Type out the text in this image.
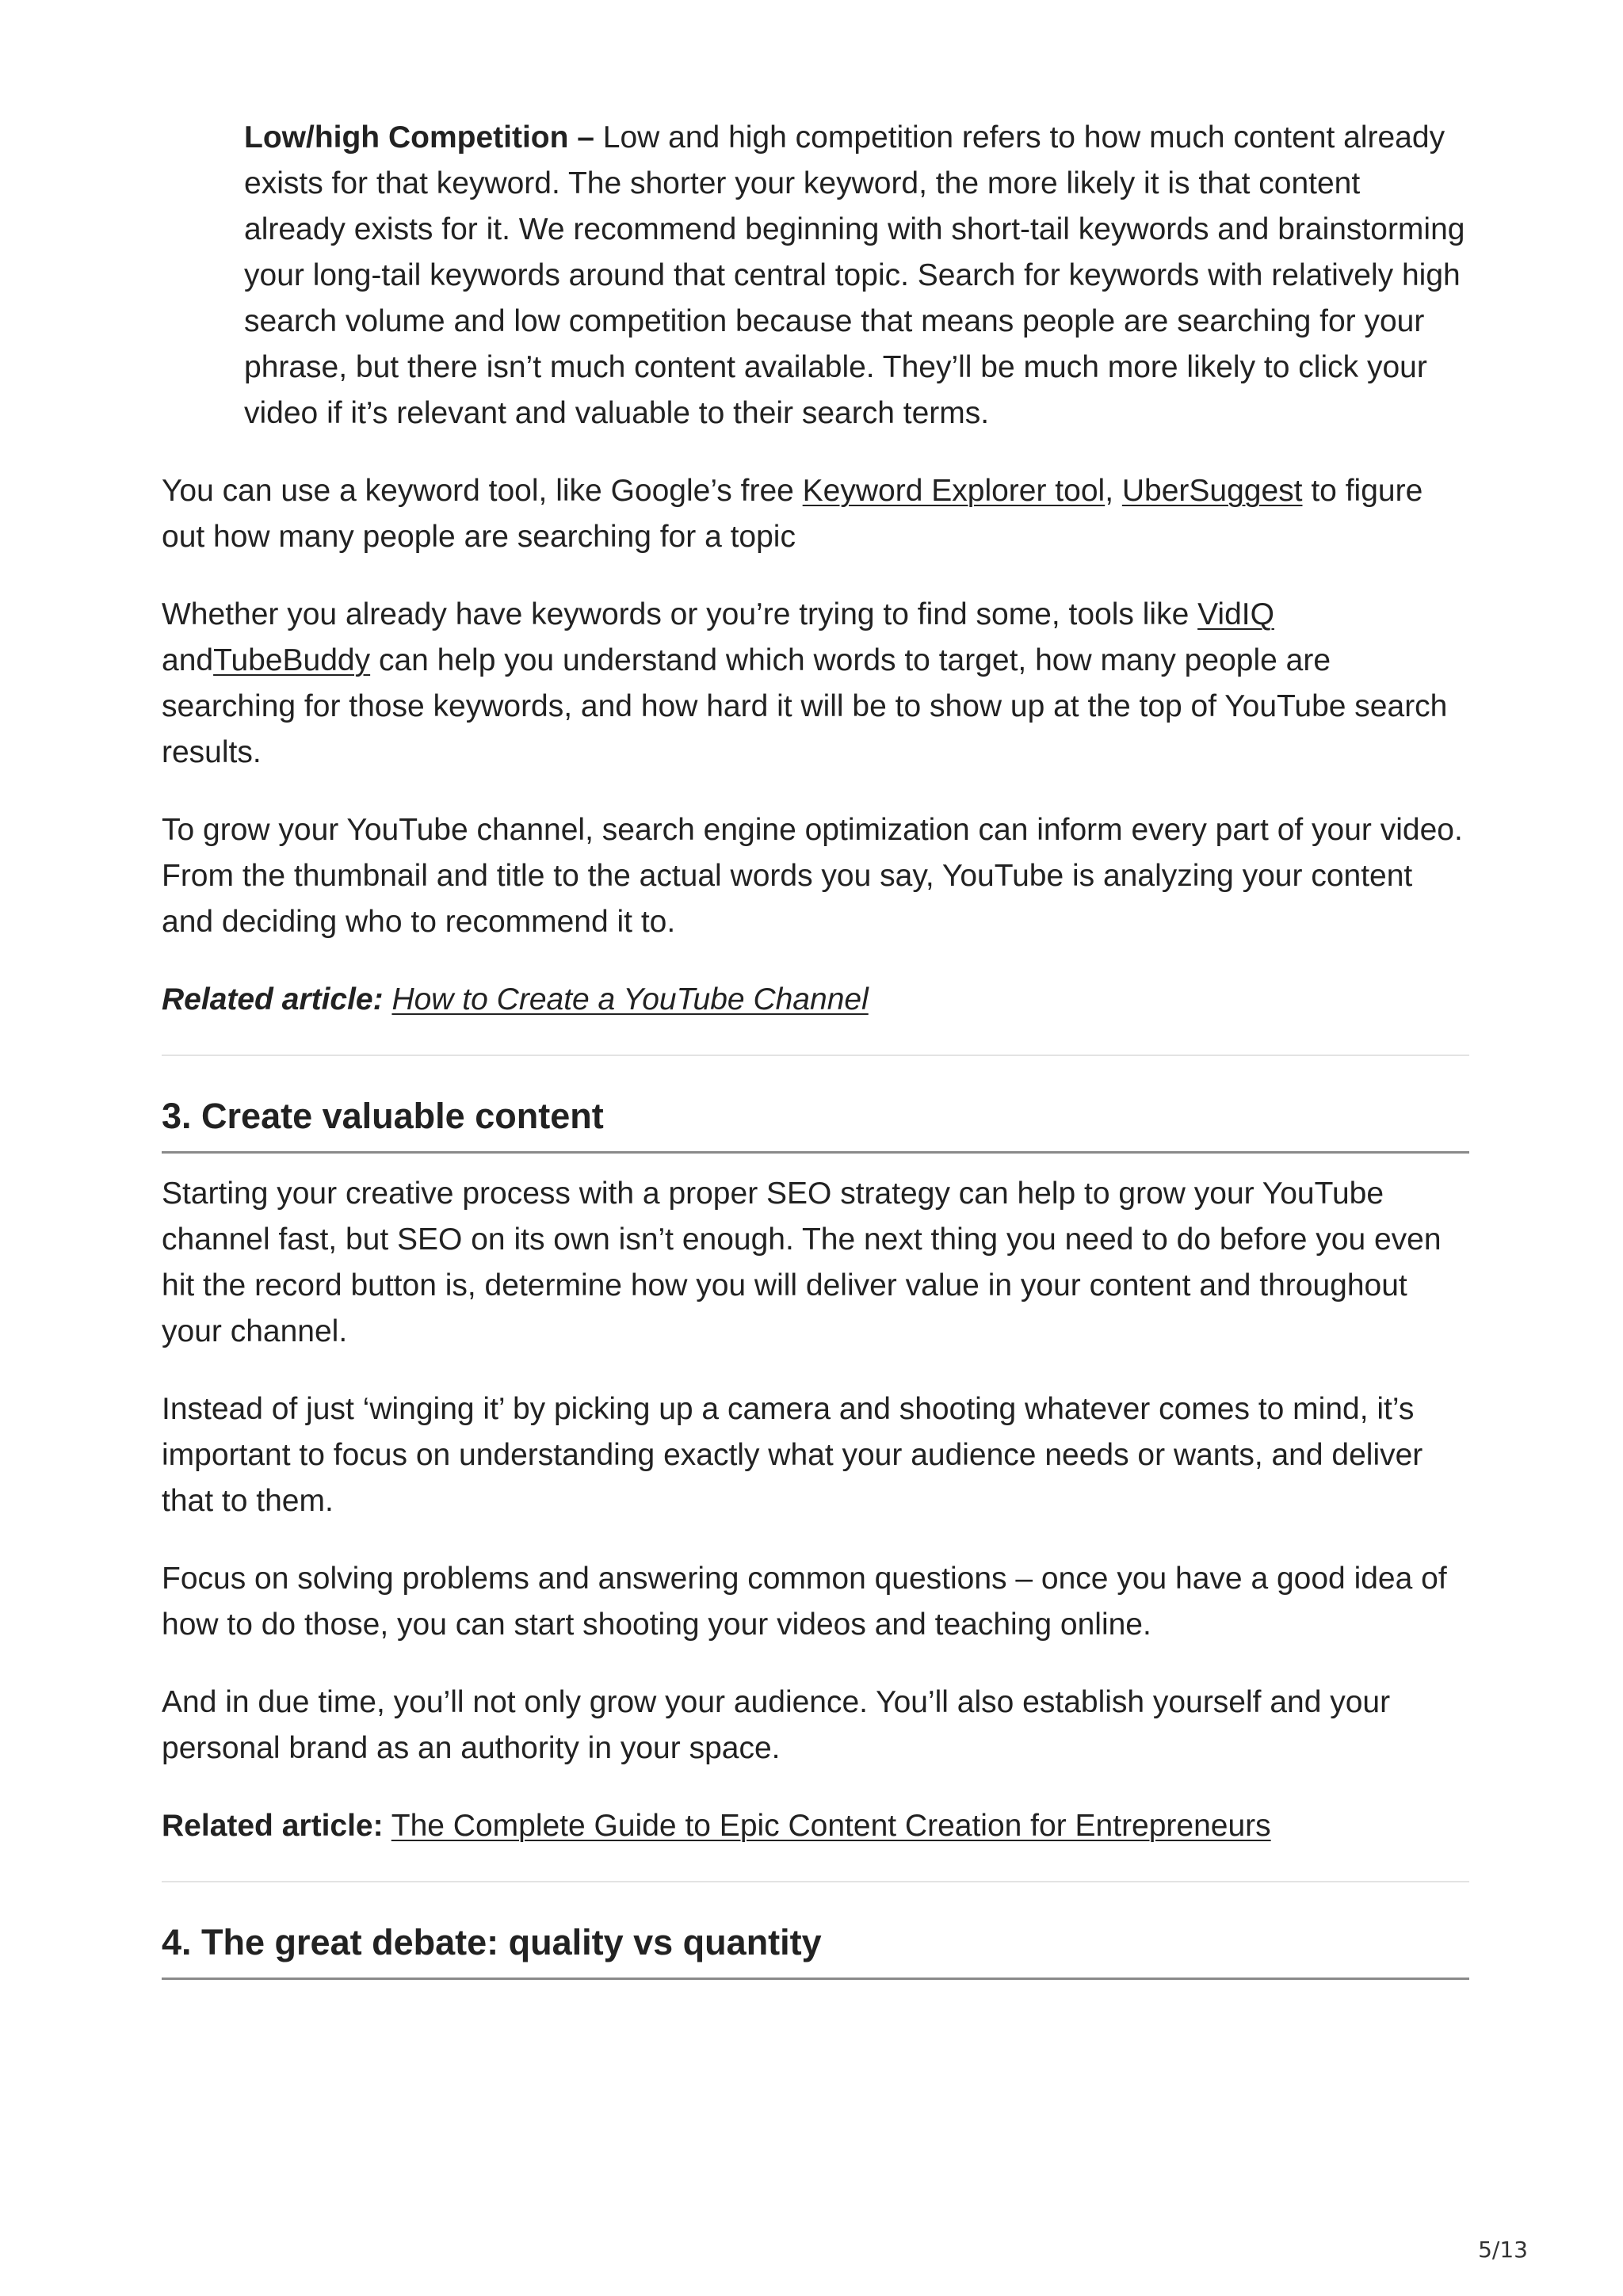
Low/high Competition – Low and high competition refers to how much content already exists for that keyword. The shorter your keyword, the more likely it is that content already exists for it. We recommend beginning with short-tail keywords and brainstorming your long-tail keywords around that central topic. Search for keywords with relatively high search volume and low competition because that means people are searching for your phrase, but there isn’t much content available. They’ll be much more likely to click your video if it’s relevant and valuable to their search terms.

You can use a keyword tool, like Google’s free Keyword Explorer tool, UberSuggest to figure out how many people are searching for a topic

Whether you already have keywords or you’re trying to find some, tools like VidIQ andTubeBuddy can help you understand which words to target, how many people are searching for those keywords, and how hard it will be to show up at the top of YouTube search results.

To grow your YouTube channel, search engine optimization can inform every part of your video. From the thumbnail and title to the actual words you say, YouTube is analyzing your content and deciding who to recommend it to.

Related article: How to Create a YouTube Channel

3. Create valuable content

Starting your creative process with a proper SEO strategy can help to grow your YouTube channel fast, but SEO on its own isn’t enough. The next thing you need to do before you even hit the record button is, determine how you will deliver value in your content and throughout your channel.

Instead of just ‘winging it’ by picking up a camera and shooting whatever comes to mind, it’s important to focus on understanding exactly what your audience needs or wants, and deliver that to them.

Focus on solving problems and answering common questions – once you have a good idea of how to do those, you can start shooting your videos and teaching online.

And in due time, you’ll not only grow your audience. You’ll also establish yourself and your personal brand as an authority in your space.

Related article: The Complete Guide to Epic Content Creation for Entrepreneurs

4. The great debate: quality vs quantity
5/13
